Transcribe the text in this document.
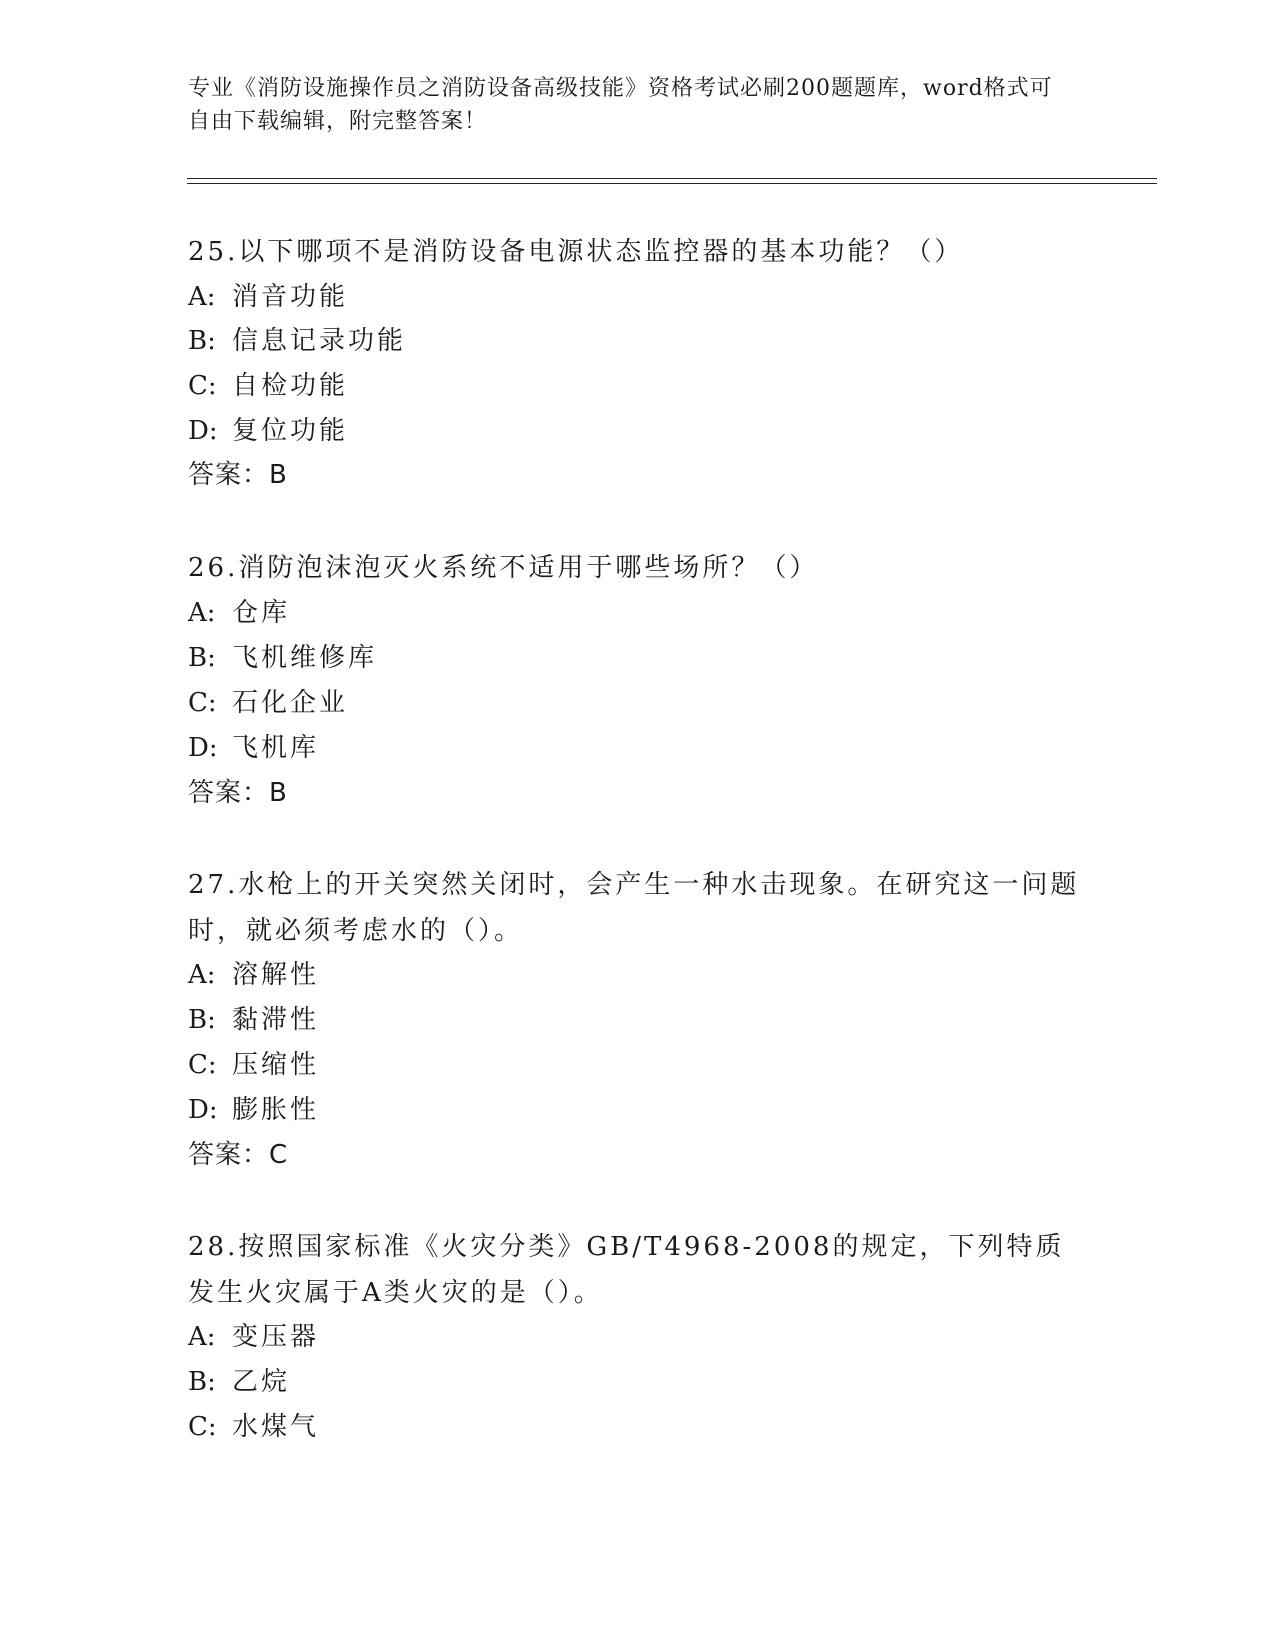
专业《消防设施操作员之消防设备高级技能》资格考试必刷200题题库，word格式可自由下载编辑，附完整答案！
25.以下哪项不是消防设备电源状态监控器的基本功能？（）
A: 消音功能
B: 信息记录功能
C: 自检功能
D: 复位功能
答案：B
26.消防泡沫泡灭火系统不适用于哪些场所？（）
A: 仓库
B: 飞机维修库
C: 石化企业
D: 飞机库
答案：B
27.水枪上的开关突然关闭时，会产生一种水击现象。在研究这一问题时，就必须考虑水的（）。
A: 溶解性
B: 黏滞性
C: 压缩性
D: 膨胀性
答案：C
28.按照国家标准《火灾分类》GB/T4968-2008的规定，下列特质发生火灾属于A类火灾的是（）。
A: 变压器
B: 乙烷
C: 水煤气
